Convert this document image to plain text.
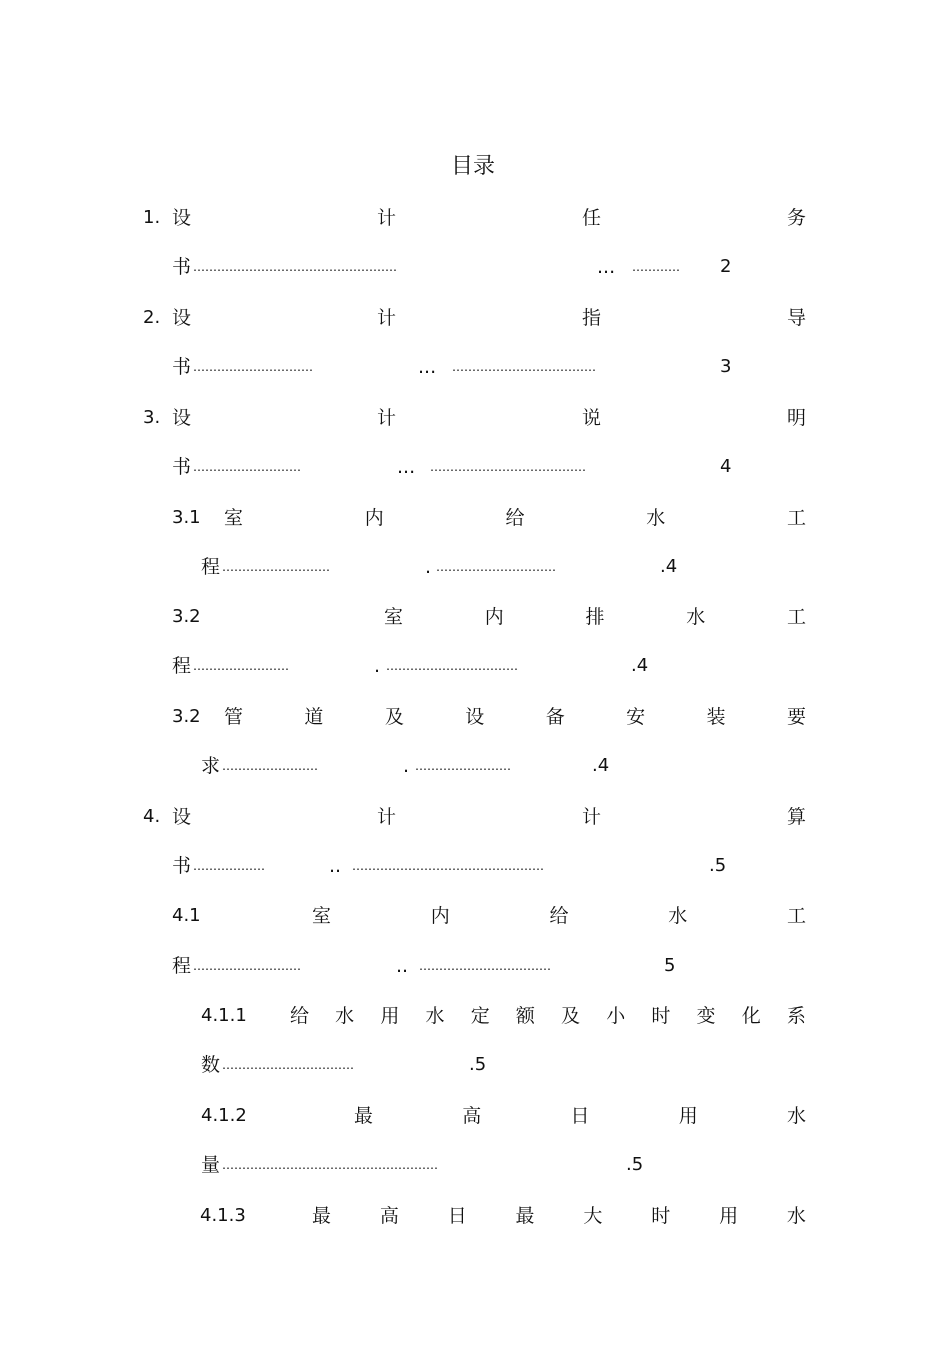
目录
1. 设	计	任	务
书 ……………………………………………	... …………	2
2. 设	计	指	导
书 …………………………	... ………………………………	3
3. 设	计	说	明
书 ………………………	... …………………………………	4
3.1 室	内	给	水	工
程 ………………………	. …………………………	.4
3.2	室	内	排	水	工
程 ……………………	. ……………………………	.4
3.2 管	道	及	设	备	安	装	要
求 ……………………	. ……………………	.4
4. 设	计	计	算
书 ………………	.. …………………………………………	.5
4.1	室	内	给	水	工
程 ………………………	.. ……………………………	5
4.1.1 给 水 用 水 定 额 及 小 时 变 化 系
数 ……………………………	.5
4.1.2	最	高	日	用	水
量 ………………………………………………	.5
4.1.3	最	高	日	最	大	时	用	水
